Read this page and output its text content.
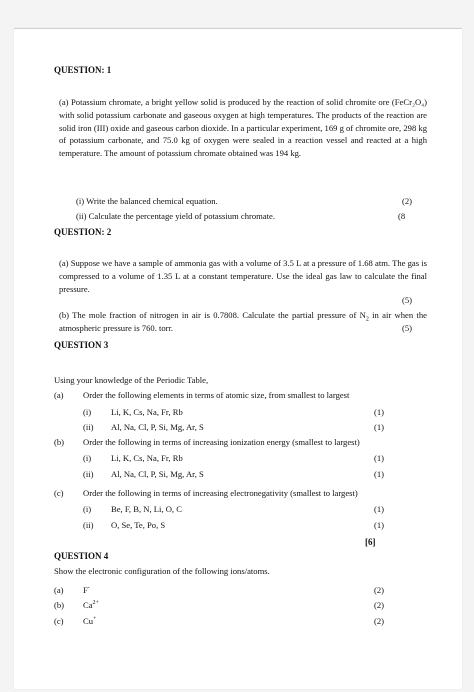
QUESTION: 1
(a) Potassium chromate, a bright yellow solid is produced by the reaction of solid chromite ore (FeCr₂O₄) with solid potassium carbonate and gaseous oxygen at high temperatures. The products of the reaction are solid iron (III) oxide and gaseous carbon dioxide. In a particular experiment, 169 g of chromite ore, 298 kg of potassium carbonate, and 75.0 kg of oxygen were sealed in a reaction vessel and reacted at a high temperature. The amount of potassium chromate obtained was 194 kg.
(i) Write the balanced chemical equation.	(2)
(ii) Calculate the percentage yield of potassium chromate.	(8
QUESTION: 2
(a) Suppose we have a sample of ammonia gas with a volume of 3.5 L at a pressure of 1.68 atm. The gas is compressed to a volume of 1.35 L at a constant temperature. Use the ideal gas law to calculate the final pressure.
(5)
(b) The mole fraction of nitrogen in air is 0.7808. Calculate the partial pressure of $N_2$ in air when the atmospheric pressure is 760. torr.	(5)
QUESTION 3
Using your knowledge of the Periodic Table,
(a) Order the following elements in terms of atomic size, from smallest to largest
(i) Li, K, Cs, Na, Fr, Rb	(1)
(ii) Al, Na, Cl, P, Si, Mg, Ar, S	(1)
(b) Order the following in terms of increasing ionization energy (smallest to largest)
(i) Li, K, Cs, Na, Fr, Rb	(1)
(ii) Al, Na, Cl, P, Si, Mg, Ar, S	(1)
(c) Order the following in terms of increasing electronegativity (smallest to largest)
(i) Be, F, B, N, Li, O, C	(1)
(ii) O, Se, Te, Po, S	(1)
[6]
QUESTION 4
Show the electronic configuration of the following ions/atoms.
(a) F-	(2)
(b) $Ca^{2+}$	(2)
(c) Cu+	(2)
